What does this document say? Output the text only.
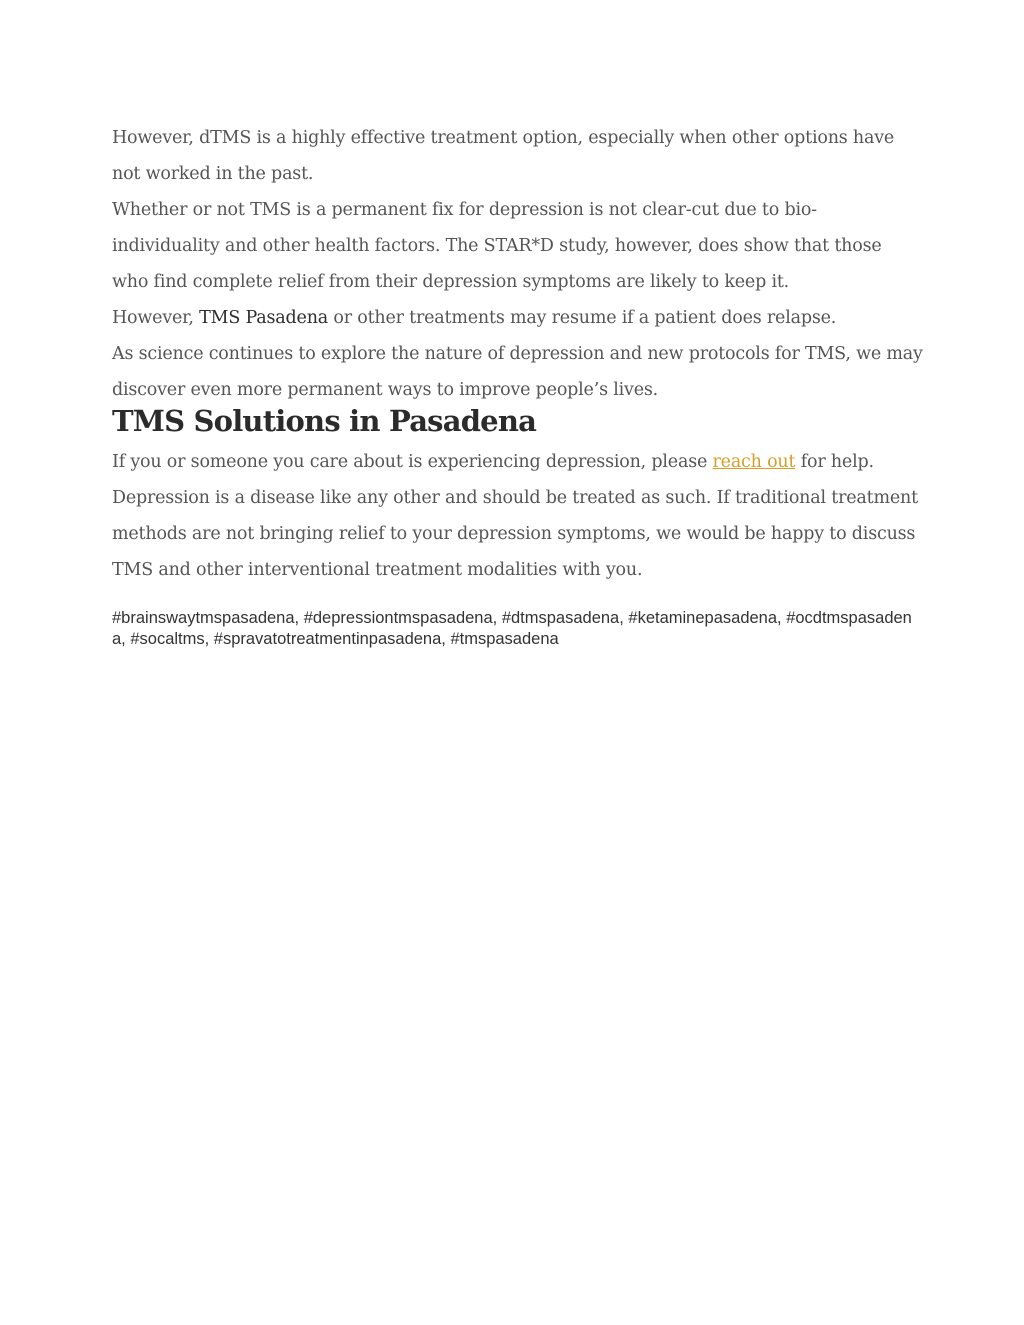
However, dTMS is a highly effective treatment option, especially when other options have
not worked in the past.
Whether or not TMS is a permanent fix for depression is not clear-cut due to bio-
individuality and other health factors. The STAR*D study, however, does show that those
who find complete relief from their depression symptoms are likely to keep it.
However, TMS Pasadena or other treatments may resume if a patient does relapse.
As science continues to explore the nature of depression and new protocols for TMS, we may
discover even more permanent ways to improve people’s lives.
TMS Solutions in Pasadena
If you or someone you care about is experiencing depression, please reach out for help.
Depression is a disease like any other and should be treated as such. If traditional treatment
methods are not bringing relief to your depression symptoms, we would be happy to discuss
TMS and other interventional treatment modalities with you.
#brainswaytmspasadena, #depressiontmspasadena, #dtmspasadena, #ketaminepasadena, #ocdtmspasadena, #socaltms, #spravatotreatmentinpasadena, #tmspasadena
